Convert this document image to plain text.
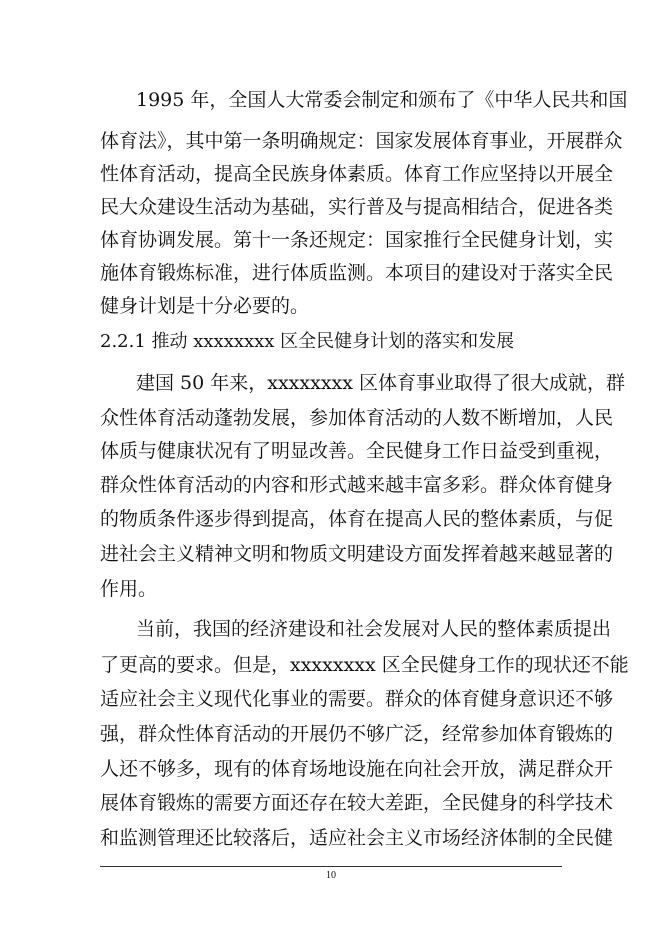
1995 年，全国人大常委会制定和颁布了《中华人民共和国
体育法》，其中第一条明确规定：国家发展体育事业，开展群众
性体育活动，提高全民族身体素质。体育工作应坚持以开展全
民大众建设生活动为基础，实行普及与提高相结合，促进各类
体育协调发展。第十一条还规定：国家推行全民健身计划，实
施体育锻炼标准，进行体质监测。本项目的建设对于落实全民
健身计划是十分必要的。
2.2.1 推动 xxxxxxxx 区全民健身计划的落实和发展
建国 50 年来，xxxxxxxx 区体育事业取得了很大成就，群
众性体育活动蓬勃发展，参加体育活动的人数不断增加，人民
体质与健康状况有了明显改善。全民健身工作日益受到重视，
群众性体育活动的内容和形式越来越丰富多彩。群众体育健身
的物质条件逐步得到提高，体育在提高人民的整体素质，与促
进社会主义精神文明和物质文明建设方面发挥着越来越显著的
作用。
当前，我国的经济建设和社会发展对人民的整体素质提出
了更高的要求。但是，xxxxxxxx 区全民健身工作的现状还不能
适应社会主义现代化事业的需要。群众的体育健身意识还不够
强，群众性体育活动的开展仍不够广泛，经常参加体育锻炼的
人还不够多，现有的体育场地设施在向社会开放，满足群众开
展体育锻炼的需要方面还存在较大差距，全民健身的科学技术
和监测管理还比较落后，适应社会主义市场经济体制的全民健
10
